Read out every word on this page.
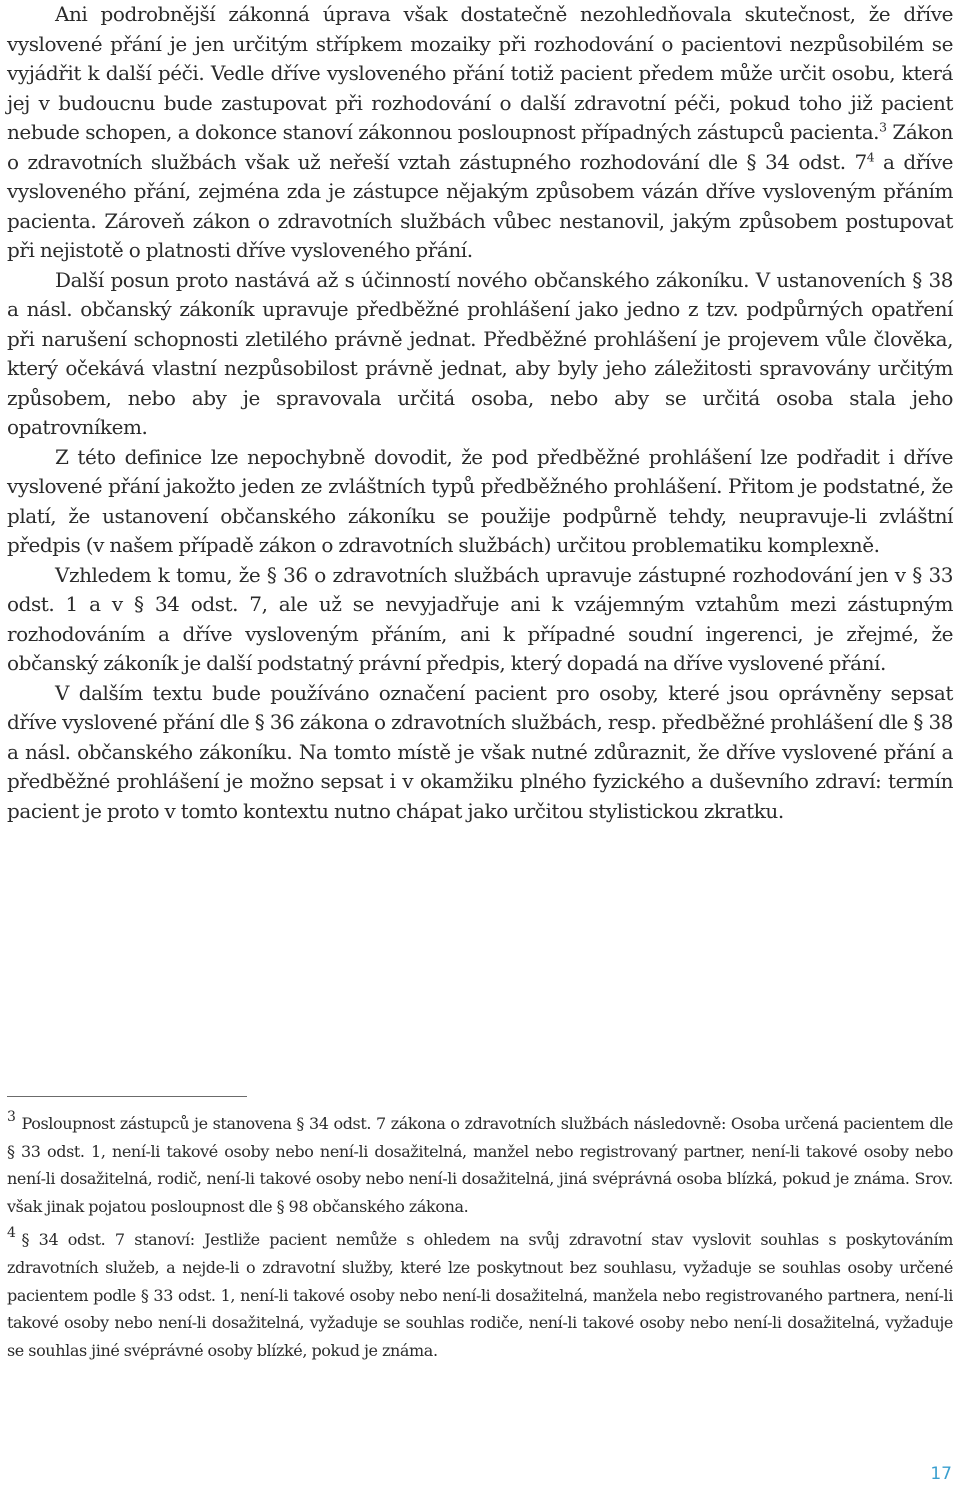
Ani podrobnější zákonná úprava však dostatečně nezohledňovala skutečnost, že dříve vyslovené přání je jen určitým střípkem mozaiky při rozhodování o pacientovi nezpůsobilém se vyjádřit k další péči. Vedle dříve vysloveného přání totiž pacient předem může určit osobu, která jej v budoucnu bude zastupovat při rozhodování o další zdravotní péči, pokud toho již pacient nebude schopen, a dokonce stanoví zákonnou posloupnost případných zástupců pacienta.$^3$ Zákon o zdravotních službách však už neřeší vztah zástupného rozhodování dle § 34 odst. $7^4$ a dříve vysloveného přání, zejména zda je zástupce nějakým způsobem vázán dříve vysloveným přáním pacienta. Zároveň zákon o zdravotních službách vůbec nestanovil, jakým způsobem postupovat při nejistotě o platnosti dříve vysloveného přání.

Další posun proto nastává až s účinností nového občanského zákoníku. V ustanoveních § 38 a násl. občanský zákoník upravuje předběžné prohlášení jako jedno z tzv. podpůrných opatření při narušení schopnosti zletilého právně jednat. Předběžné prohlášení je projevem vůle člověka, který očekává vlastní nezpůsobilost právně jednat, aby byly jeho záležitosti spravovány určitým způsobem, nebo aby je spravovala určitá osoba, nebo aby se určitá osoba stala jeho opatrovníkem.

Z této definice lze nepochybně dovodit, že pod předběžné prohlášení lze podřadit i dříve vyslovené přání jakožto jeden ze zvláštních typů předběžného prohlášení. Přitom je podstatné, že platí, že ustanovení občanského zákoníku se použije podpůrně tehdy, neupravuje-li zvláštní předpis (v našem případě zákon o zdravotních službách) určitou problematiku komplexně.

Vzhledem k tomu, že § 36 o zdravotních službách upravuje zástupné rozhodování jen v § 33 odst. 1 a v § 34 odst. 7, ale už se nevyjadřuje ani k vzájemným vztahům mezi zástupným rozhodováním a dříve vysloveným přáním, ani k případné soudní ingerenci, je zřejmé, že občanský zákoník je další podstatný právní předpis, který dopadá na dříve vyslovené přání.

V dalším textu bude používáno označení pacient pro osoby, které jsou oprávněny sepsat dříve vyslovené přání dle § 36 zákona o zdravotních službách, resp. předběžné prohlášení dle § 38 a násl. občanského zákoníku. Na tomto místě je však nutné zdůraznit, že dříve vyslovené přání a předběžné prohlášení je možno sepsat i v okamžiku plného fyzického a duševního zdraví: termín pacient je proto v tomto kontextu nutno chápat jako určitou stylistickou zkratku.

$^3$ Posloupnost zástupců je stanovena § 34 odst. 7 zákona o zdravotních službách následovně: Osoba určená pacientem dle § 33 odst. 1, není-li takové osoby nebo není-li dosažitelná, manžel nebo registrovaný partner, není-li takové osoby nebo není-li dosažitelná, rodič, není-li takové osoby nebo není-li dosažitelná, jiná svéprávná osoba blízká, pokud je známa. Srov. však jinak pojatou posloupnost dle § 98 občanského zákona.

$^4$ § 34 odst. 7 stanoví: Jestliže pacient nemůže s ohledem na svůj zdravotní stav vyslovit souhlas s poskytováním zdravotních služeb, a nejde-li o zdravotní služby, které lze poskytnout bez souhlasu, vyžaduje se souhlas osoby určené pacientem podle § 33 odst. 1, není-li takové osoby nebo není-li dosažitelná, manžela nebo registrovaného partnera, není-li takové osoby nebo není-li dosažitelná, vyžaduje se souhlas rodiče, není-li takové osoby nebo není-li dosažitelná, vyžaduje se souhlas jiné svéprávné osoby blízké, pokud je známa.

17
